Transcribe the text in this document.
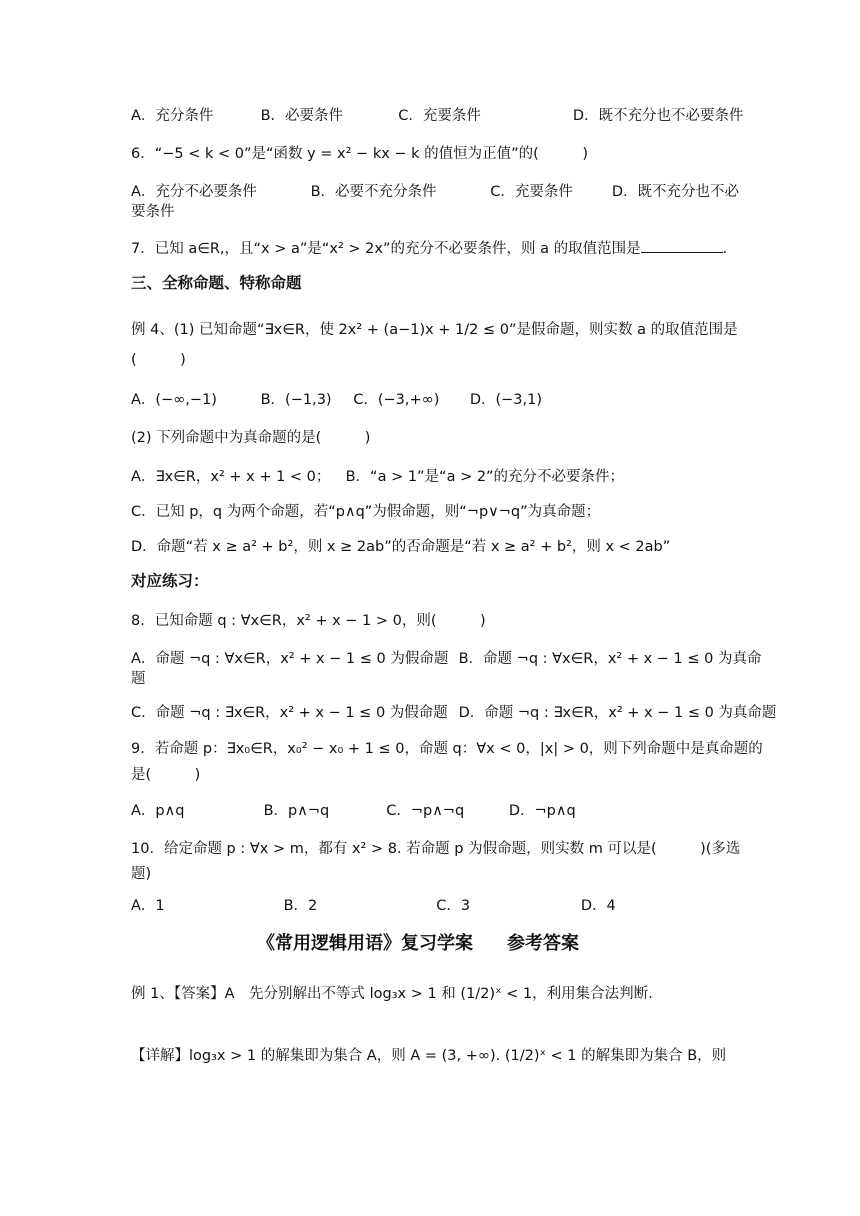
A．充分条件	B．必要条件	C．充要条件	D．既不充分也不必要条件
6．“−5 < k < 0”是“函数 y = x² − kx − k 的值恒为正值”的(　　　)
A．充分不必要条件	B．必要不充分条件	C．充要条件	D．既不充分也不必
要条件
7．已知 a∈R,，且“x > a”是“x² > 2x”的充分不必要条件，则 a 的取值范围是	.
三、全称命题、特称命题
例 4、(1) 已知命题“∃x∈R，使 2x² + (a−1)x + 1/2 ≤ 0”是假命题，则实数 a 的取值范围是
(　　　)
A．(−∞,−1)	B．(−1,3) C．(−3,+∞) D．(−3,1)
(2) 下列命题中为真命题的是(　　　)
A．∃x∈R，x² + x + 1 < 0； B．“a > 1”是“a > 2”的充分不必要条件；
C．已知 p，q 为两个命题，若“p∧q”为假命题，则“¬p∨¬q”为真命题；
D．命题“若 x ≥ a² + b²，则 x ≥ 2ab”的否命题是“若 x ≥ a² + b²，则 x < 2ab”
对应练习：
8．已知命题 q : ∀x∈R，x² + x − 1 > 0，则(　　　)
A．命题 ¬q : ∀x∈R，x² + x − 1 ≤ 0 为假命题 B．命题 ¬q : ∀x∈R，x² + x − 1 ≤ 0 为真命
题
C．命题 ¬q : ∃x∈R，x² + x − 1 ≤ 0 为假命题 D．命题 ¬q : ∃x∈R，x² + x − 1 ≤ 0 为真命题
9．若命题 p：∃x₀∈R，x₀² − x₀ + 1 ≤ 0，命题 q：∀x < 0，|x| > 0，则下列命题中是真命题的
是(　　　)
A．p∧q	B．p∧¬q	C．¬p∧¬q	D．¬p∧q
10．给定命题 p : ∀x > m，都有 x² > 8. 若命题 p 为假命题，则实数 m 可以是(　　　)(多选
题)
A．1	B．2	C．3	D．4
《常用逻辑用语》复习学案 参考答案
例 1、【答案】A　先分别解出不等式 log₃x > 1 和 (1/2)ˣ < 1，利用集合法判断.
【详解】log₃x > 1 的解集即为集合 A，则 A = (3, +∞). (1/2)ˣ < 1 的解集即为集合 B，则
